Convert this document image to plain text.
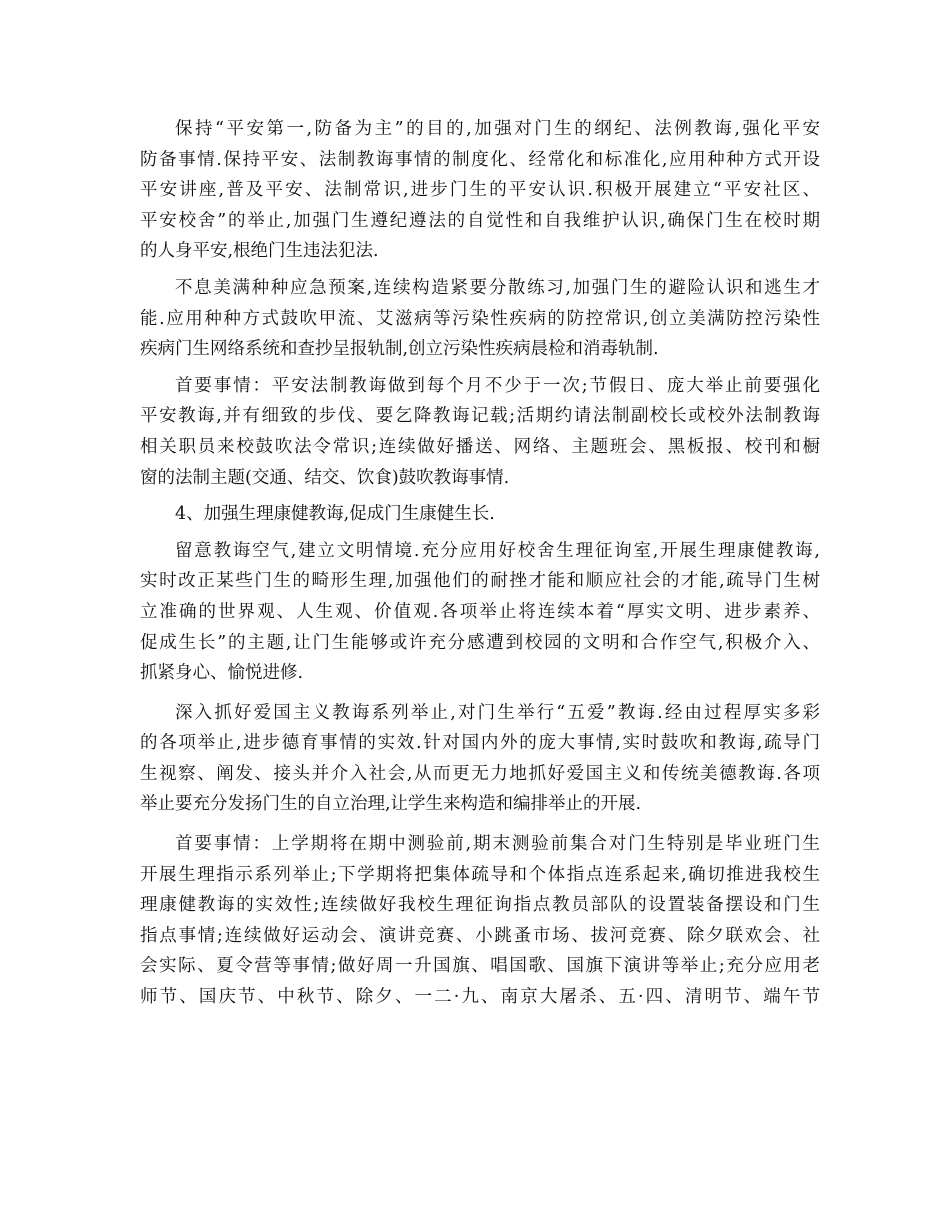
保持“平安第一,防备为主”的目的,加强对门生的纲纪、法例教诲,强化平安
防备事情.保持平安、法制教诲事情的制度化、经常化和标准化,应用种种方式开设
平安讲座,普及平安、法制常识,进步门生的平安认识.积极开展建立“平安社区、
平安校舍”的举止,加强门生遵纪遵法的自觉性和自我维护认识,确保门生在校时期
的人身平安,根绝门生违法犯法.
不息美满种种应急预案,连续构造紧要分散练习,加强门生的避险认识和逃生才
能.应用种种方式鼓吹甲流、艾滋病等污染性疾病的防控常识,创立美满防控污染性
疾病门生网络系统和查抄呈报轨制,创立污染性疾病晨检和消毒轨制.
首要事情：平安法制教诲做到每个月不少于一次;节假日、庞大举止前要强化
平安教诲,并有细致的步伐、要乞降教诲记载;活期约请法制副校长或校外法制教诲
相关职员来校鼓吹法令常识;连续做好播送、网络、主题班会、黑板报、校刊和橱
窗的法制主题(交通、结交、饮食)鼓吹教诲事情.
4、加强生理康健教诲,促成门生康健生长.
留意教诲空气,建立文明情境.充分应用好校舍生理征询室,开展生理康健教诲,
实时改正某些门生的畸形生理,加强他们的耐挫才能和顺应社会的才能,疏导门生树
立准确的世界观、人生观、价值观.各项举止将连续本着“厚实文明、进步素养、
促成生长”的主题,让门生能够或许充分感遭到校园的文明和合作空气,积极介入、
抓紧身心、愉悦进修.
深入抓好爱国主义教诲系列举止,对门生举行“五爱”教诲.经由过程厚实多彩
的各项举止,进步德育事情的实效.针对国内外的庞大事情,实时鼓吹和教诲,疏导门
生视察、阐发、接头并介入社会,从而更无力地抓好爱国主义和传统美德教诲.各项
举止要充分发扬门生的自立治理,让学生来构造和编排举止的开展.
首要事情：上学期将在期中测验前,期末测验前集合对门生特别是毕业班门生
开展生理指示系列举止;下学期将把集体疏导和个体指点连系起来,确切推进我校生
理康健教诲的实效性;连续做好我校生理征询指点教员部队的设置装备摆设和门生
指点事情;连续做好运动会、演讲竞赛、小跳蚤市场、拔河竞赛、除夕联欢会、社
会实际、夏令营等事情;做好周一升国旗、唱国歌、国旗下演讲等举止;充分应用老
师节、国庆节、中秋节、除夕、一二·九、南京大屠杀、五·四、清明节、端午节
